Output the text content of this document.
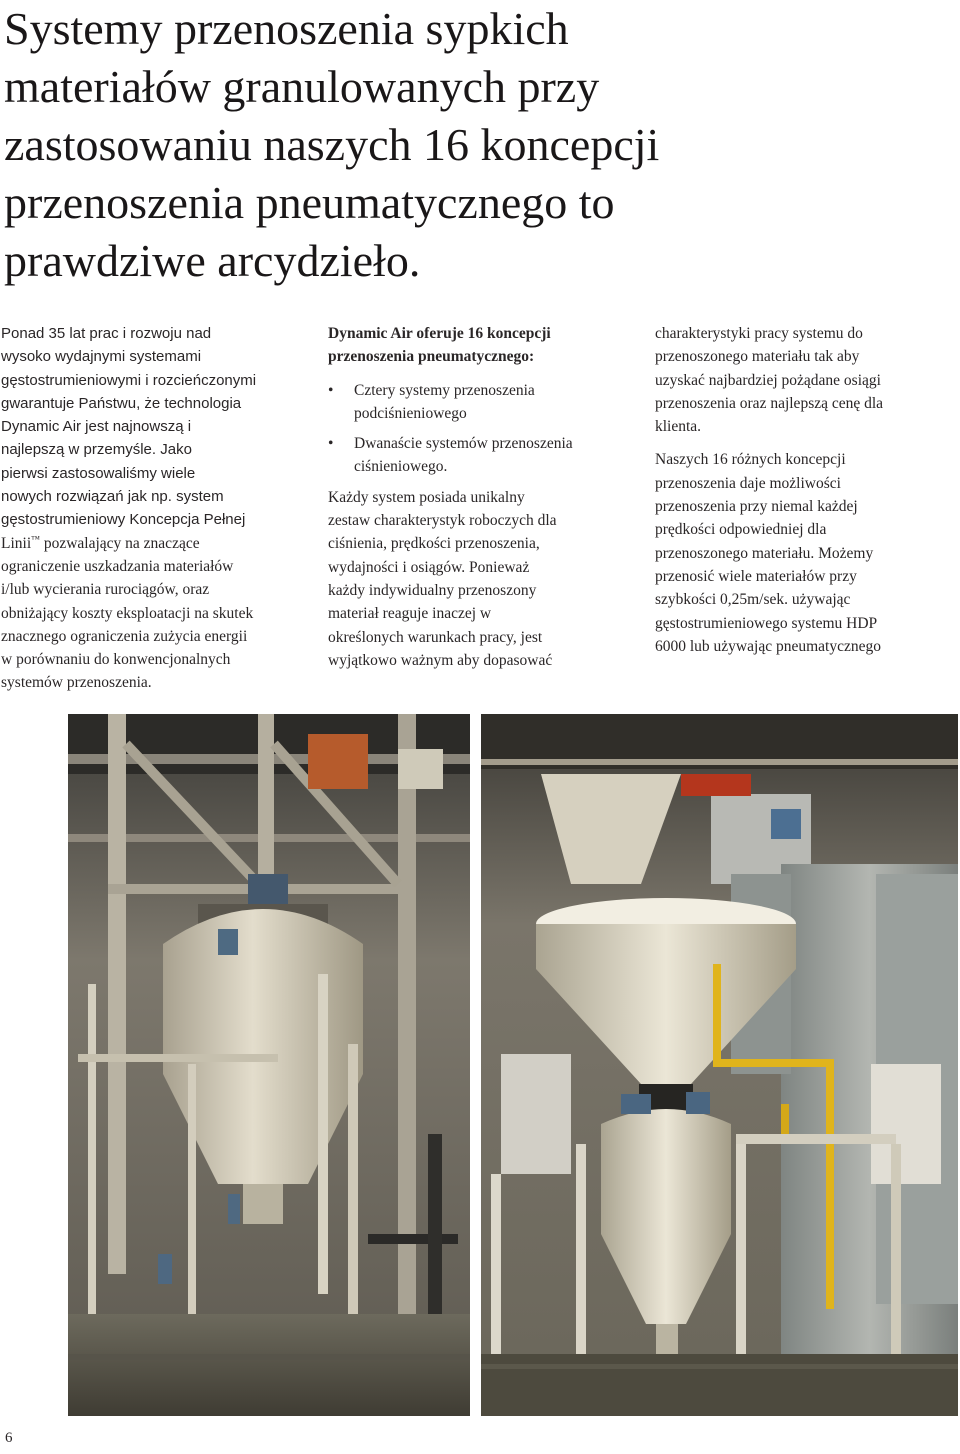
Systemy przenoszenia sypkich
materiałów granulowanych przy
zastosowaniu naszych 16 koncepcji
przenoszenia pneumatycznego to
prawdziwe arcydzieło.

Ponad 35 lat prac i rozwoju nad
wysoko wydajnymi systemami
gęstostrumieniowymi i rozcieńczonymi
gwarantuje Państwu, że technologia
Dynamic Air jest najnowszą i
najlepszą w przemyśle. Jako
pierwsi zastosowaliśmy wiele
nowych rozwiązań jak np. system
gęstostrumieniowy Koncepcja Pełnej
Linii™ pozwalający na znaczące
ograniczenie uszkadzania materiałów
i/lub wycierania rurociągów, oraz
obniżający koszty eksploatacji na skutek
znacznego ograniczenia zużycia energii
w porównaniu do konwencjonalnych
systemów przenoszenia.

Dynamic Air oferuje 16 koncepcji
przenoszenia pneumatycznego:

• Cztery systemy przenoszenia
podciśnieniowego
• Dwanaście systemów przenoszenia
ciśnieniowego.

Każdy system posiada unikalny
zestaw charakterystyk roboczych dla
ciśnienia, prędkości przenoszenia,
wydajności i osiągów. Ponieważ
każdy indywidualny przenoszony
materiał reaguje inaczej w
określonych warunkach pracy, jest
wyjątkowo ważnym aby dopasować

charakterystyki pracy systemu do
przenoszonego materiału tak aby
uzyskać najbardziej pożądane osiągi
przenoszenia oraz najlepszą cenę dla
klienta.

Naszych 16 różnych koncepcji
przenoszenia daje możliwości
przenoszenia przy niemal każdej
prędkości odpowiedniej dla
przenoszonego materiału. Możemy
przenosić wiele materiałów przy
szybkości 0,25m/sek. używając
gęstostrumieniowego systemu HDP
6000 lub używając pneumatycznego

6
